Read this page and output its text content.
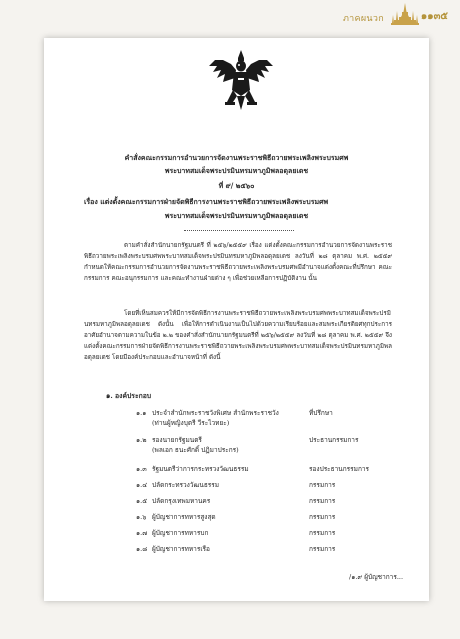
ภาคผนวก	๑๑๓๕
คำสั่งคณะกรรมการอำนวยการจัดงานพระราชพิธีถวายพระเพลิงพระบรมศพ
พระบาทสมเด็จพระปรมินทรมหาภูมิพลอดุลยเดช
ที่ ๙/ ๒๕๖๐
เรื่อง แต่งตั้งคณะกรรมการฝ่ายจัดพิธีการงานพระราชพิธีถวายพระเพลิงพระบรมศพ
พระบาทสมเด็จพระปรมินทรมหาภูมิพลอดุลยเดช
ตามคำสั่งสำนักนายกรัฐมนตรี ที่ ๒๕๖/๒๕๕๙ เรื่อง แต่งตั้งคณะกรรมการอำนวยการจัดงานพระราชพิธีถวายพระเพลิงพระบรมศพพระบาทสมเด็จพระปรมินทรมหาภูมิพลอดุลยเดช ลงวันที่ ๒๘ ตุลาคม พ.ศ. ๒๕๕๙ กำหนดให้คณะกรรมการอำนวยการจัดงานพระราชพิธีถวายพระเพลิงพระบรมศพมีอำนาจแต่งตั้งคณะที่ปรึกษา คณะกรรมการ คณะอนุกรรมการ และคณะทำงานฝ่ายต่าง ๆ เพื่อช่วยเหลือการปฏิบัติงาน นั้น
โดยที่เห็นสมควรให้มีการจัดพิธีการงานพระราชพิธีถวายพระเพลิงพระบรมศพพระบาทสมเด็จพระปรมินทรมหาภูมิพลอดุลยเดช ดังนั้น เพื่อให้การดำเนินงานเป็นไปด้วยความเรียบร้อยและสมพระเกียรติยศทุกประการ อาศัยอำนาจตามความในข้อ ๒.๒ ของคำสั่งสำนักนายกรัฐมนตรีที่ ๒๕๖/๒๕๕๙ ลงวันที่ ๒๘ ตุลาคม พ.ศ. ๒๕๕๙ จึงแต่งตั้งคณะกรรมการฝ่ายจัดพิธีการงานพระราชพิธีถวายพระเพลิงพระบรมศพพระบาทสมเด็จพระปรมินทรมหาภูมิพลอดุลยเดช โดยมีองค์ประกอบและอำนาจหน้าที่ ดังนี้
๑. องค์ประกอบ
๑.๑ ประจำสำนักพระราชวังพิเศษ สำนักพระราชวัง
(ท่านผู้หญิงบุตรี วีระไวทยะ)
ที่ปรึกษา
๑.๒ รองนายกรัฐมนตรี
(พลเอก ธนะศักดิ์ ปฏิมาประกร)
ประธานกรรมการ
๑.๓ รัฐมนตรีว่าการกระทรวงวัฒนธรรม	รองประธานกรรมการ
๑.๔ ปลัดกระทรวงวัฒนธรรม	กรรมการ
๑.๕ ปลัดกรุงเทพมหานคร	กรรมการ
๑.๖ ผู้บัญชาการทหารสูงสุด	กรรมการ
๑.๗ ผู้บัญชาการทหารบก	กรรมการ
๑.๘ ผู้บัญชาการทหารเรือ	กรรมการ
/๑.๙ ผู้บัญชาการ...
